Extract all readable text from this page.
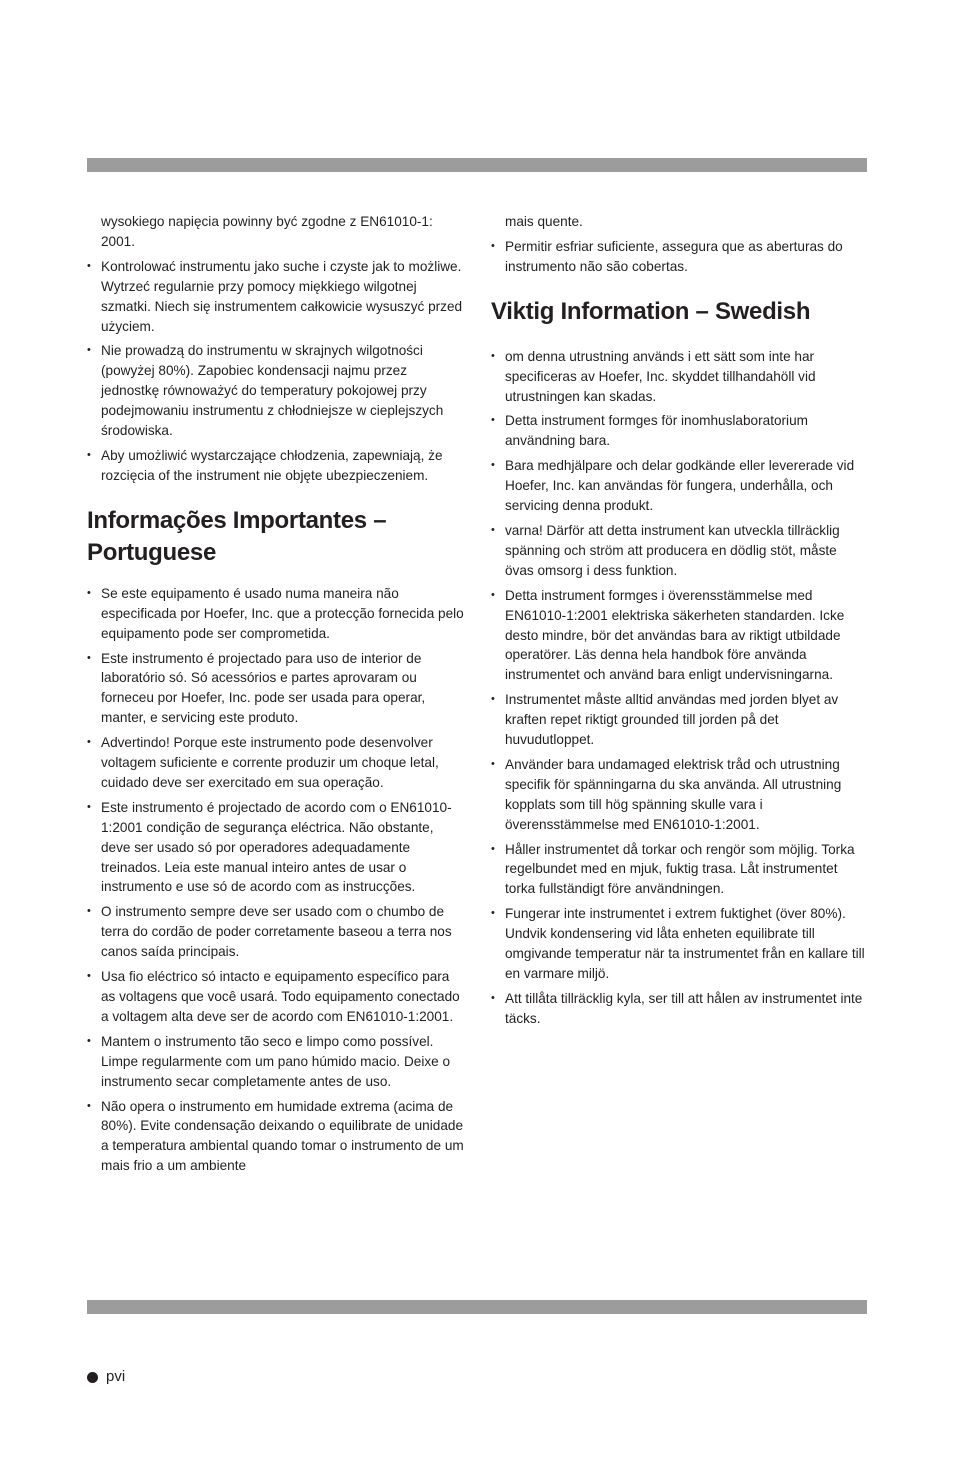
wysokiego napięcia powinny być zgodne z EN61010-1: 2001.
• Kontrolować instrumentu jako suche i czyste jak to możliwe. Wytrzeć regularnie przy pomocy miękkiego wilgotnej szmatki. Niech się instrumentem całkowicie wysuszyć przed użyciem.
• Nie prowadzą do instrumentu w skrajnych wilgotności (powyżej 80%). Zapobiec kondensacji najmu przez jednostkę równoważyć do temperatury pokojowej przy podejmowaniu instrumentu z chłodniejsze w cieplejszych środowiska.
• Aby umożliwić wystarczające chłodzenia, zapewniają, że rozcięcia of the instrument nie objęte ubezpieczeniem.
Informações Importantes – Portuguese
• Se este equipamento é usado numa maneira não especificada por Hoefer, Inc. que a protecção fornecida pelo equipamento pode ser comprometida.
• Este instrumento é projectado para uso de interior de laboratório só. Só acessórios e partes aprovaram ou forneceu por Hoefer, Inc. pode ser usada para operar, manter, e servicing este produto.
• Advertindo! Porque este instrumento pode desenvolver voltagem suficiente e corrente produzir um choque letal, cuidado deve ser exercitado em sua operação.
• Este instrumento é projectado de acordo com o EN61010-1:2001 condição de segurança eléctrica. Não obstante, deve ser usado só por operadores adequadamente treinados. Leia este manual inteiro antes de usar o instrumento e use só de acordo com as instrucções.
• O instrumento sempre deve ser usado com o chumbo de terra do cordão de poder corretamente baseou a terra nos canos saída principais.
• Usa fio eléctrico só intacto e equipamento específico para as voltagens que você usará. Todo equipamento conectado a voltagem alta deve ser de acordo com EN61010-1:2001.
• Mantem o instrumento tão seco e limpo como possível. Limpe regularmente com um pano húmido macio. Deixe o instrumento secar completamente antes de uso.
• Não opera o instrumento em humidade extrema (acima de 80%). Evite condensação deixando o equilibrate de unidade a temperatura ambiental quando tomar o instrumento de um mais frio a um ambiente
mais quente.
• Permitir esfriar suficiente, assegura que as aberturas do instrumento não são cobertas.
Viktig Information – Swedish
• om denna utrustning används i ett sätt som inte har specificeras av Hoefer, Inc. skyddet tillhandahöll vid utrustningen kan skadas.
• Detta instrument formges för inomhuslaboratorium användning bara.
• Bara medhjälpare och delar godkände eller levererade vid Hoefer, Inc. kan användas för fungera, underhålla, och servicing denna produkt.
• varna! Därför att detta instrument kan utveckla tillräcklig spänning och ström att producera en dödlig stöt, måste övas omsorg i dess funktion.
• Detta instrument formges i överensstämmelse med EN61010-1:2001 elektriska säkerheten standarden. Icke desto mindre, bör det användas bara av riktigt utbildade operatörer. Läs denna hela handbok före använda instrumentet och använd bara enligt undervisningarna.
• Instrumentet måste alltid användas med jorden blyet av kraften repet riktigt grounded till jorden på det huvudutloppet.
• Använder bara undamaged elektrisk tråd och utrustning specifik för spänningarna du ska använda. All utrustning kopplats som till hög spänning skulle vara i överensstämmelse med EN61010-1:2001.
• Håller instrumentet då torkar och rengör som möjlig. Torka regelbundet med en mjuk, fuktig trasa. Låt instrumentet torka fullständigt före användningen.
• Fungerar inte instrumentet i extrem fuktighet (över 80%). Undvik kondensering vid låta enheten equilibrate till omgivande temperatur när ta instrumentet från en kallare till en varmare miljö.
• Att tillåta tillräcklig kyla, ser till att hålen av instrumentet inte täcks.
pvi
